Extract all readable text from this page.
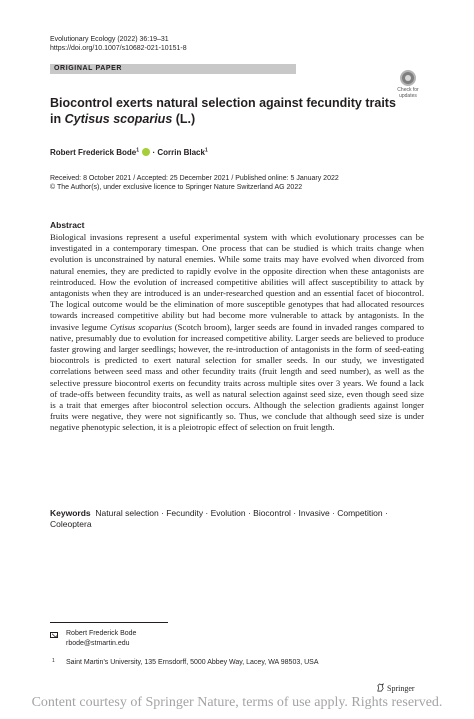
Evolutionary Ecology (2022) 36:19–31
https://doi.org/10.1007/s10682-021-10151-8
ORIGINAL PAPER
Check for
updates
Biocontrol exerts natural selection against fecundity traits in Cytisus scoparius (L.)
Robert Frederick Bode$^1$  · Corrin Black$^1$
Received: 8 October 2021 / Accepted: 25 December 2021 / Published online: 5 January 2022
© The Author(s), under exclusive licence to Springer Nature Switzerland AG 2022
Abstract

Biological invasions represent a useful experimental system with which evolutionary processes can be investigated in a contemporary timespan. One process that can be studied is which traits change when evolution is unconstrained by natural enemies. While some traits may have evolved when divorced from natural enemies, they are predicted to rapidly evolve in the opposite direction when these antagonists are reintroduced. How the evolution of increased competitive abilities will affect susceptibility to attack by antagonists when they are introduced is an under-researched question and an essential facet of biocontrol. The logical outcome would be the elimination of more susceptible genotypes that had allocated resources towards increased competitive ability but had become more vulnerable to attack by antagonists. In the invasive legume Cytisus scoparius (Scotch broom), larger seeds are found in invaded ranges compared to native, presumably due to evolution for increased competitive ability. Larger seeds are believed to produce faster growing and larger seedlings; however, the re-introduction of antagonists in the form of seed-eating biocontrols is predicted to exert natural selection for smaller seeds. In our study, we investigated correlations between seed mass and other fecundity traits (fruit length and seed number), as well as the selective pressure biocontrol exerts on fecundity traits across multiple sites over 3 years. We found a lack of trade-offs between fecundity traits, as well as natural selection against seed size, even though seed size is a trait that emerges after biocontrol selection occurs. Although the selection gradients against longer fruits were negative, they were not significantly so. Thus, we conclude that although seed size is under negative phenotypic selection, it is a pleiotropic effect of selection on fruit length.

Keywords Natural selection · Fecundity · Evolution · Biocontrol · Invasive · Competition · Coleoptera
Robert Frederick Bode
rbode@stmartin.edu
1 Saint Martin’s University, 135 Ernsdorff, 5000 Abbey Way, Lacey, WA 98503, USA
Springer
Content courtesy of Springer Nature, terms of use apply. Rights reserved.
